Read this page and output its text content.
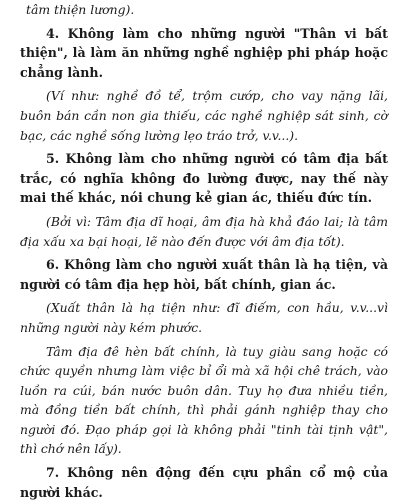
tâm thiện lương).

4. Không làm cho những người "Thân vi bất thiện", là làm ăn những nghề nghiệp phi pháp hoặc chẳng lành.

(Ví như: nghề đồ tể, trộm cướp, cho vay nặng lãi, buôn bán cần non gia thiếu, các nghề nghiệp sát sinh, cờ bạc, các nghề sống lường lẹo tráo trở, v.v...).

5. Không làm cho những người có tâm địa bất trắc, có nghĩa không đo lường được, nay thế này mai thế khác, nói chung kẻ gian ác, thiếu đức tín.

(Bởi vì: Tâm địa dĩ hoại, âm địa hà khả đáo lai; là tâm địa xấu xa bại hoại, lẽ nào đến được với âm địa tốt).

6. Không làm cho người xuất thân là hạ tiện, và người có tâm địa hẹp hòi, bất chính, gian ác.

(Xuất thân là hạ tiện như: đĩ điếm, con hầu, v.v...vì những người này kém phước.

Tâm địa đê hèn bất chính, là tuy giàu sang hoặc có chức quyền nhưng làm việc bỉ ổi mà xã hội chê trách, vào luồn ra cúi, bán nước buôn dân. Tuy họ đưa nhiều tiền, mà đồng tiền bất chính, thì phải gánh nghiệp thay cho người đó. Đạo pháp gọi là không phải "tinh tài tịnh vật", thì chớ nên lấy).

7. Không nên động đến cựu phần cổ mộ của người khác.
